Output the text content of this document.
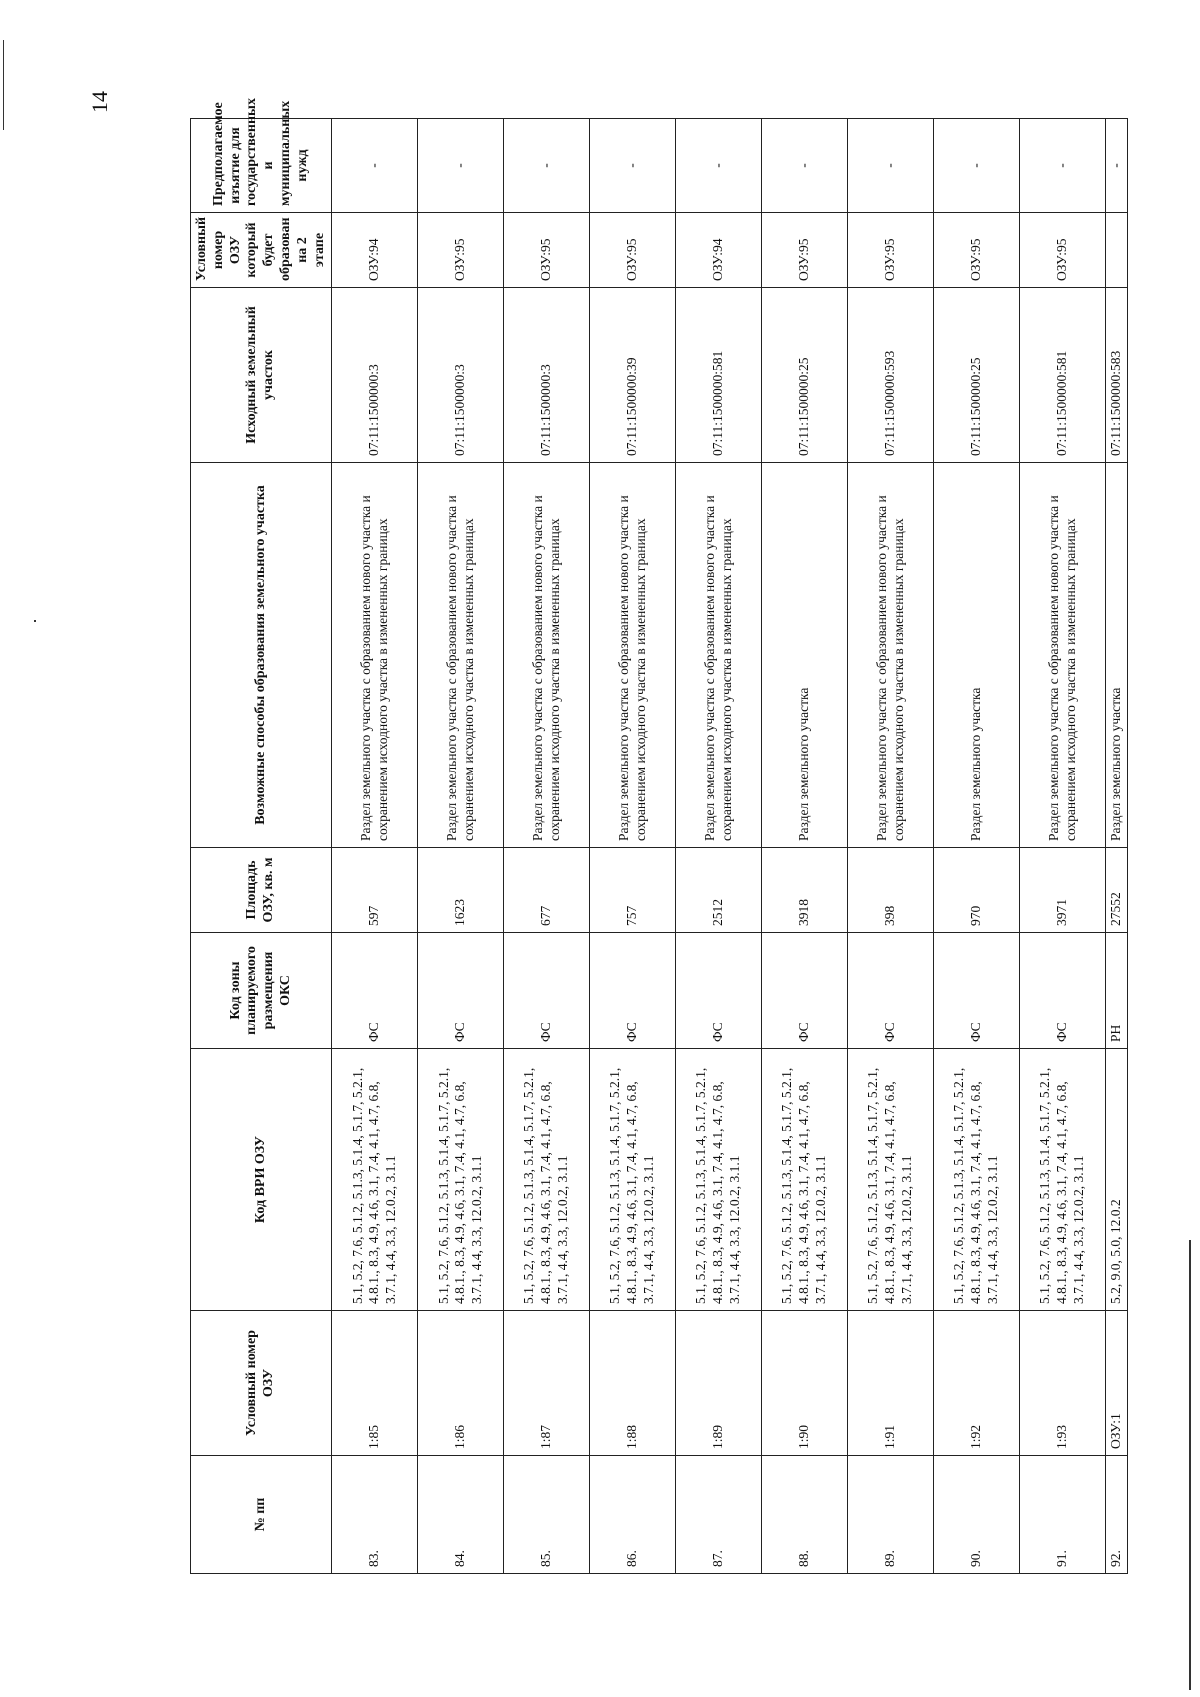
14
№ пп	Условный номер ОЗУ	Код ВРИ ОЗУ	Код зоны планируемого размещения ОКС	Площадь ОЗУ, кв. м	Возможные способы образования земельного участка	Исходный земельный участок	Условный номер ОЗУ который будет образован на 2 этапе	Предполагаемое изъятие для государственных и муниципальных нужд
83.	1:85	5.1, 5.2, 7.6, 5.1.2, 5.1.3, 5.1.4, 5.1.7, 5.2.1, 4.8.1., 8.3, 4.9, 4.6, 3.1, 7.4, 4.1, 4.7, 6.8, 3.7.1, 4.4, 3.3, 12.0.2, 3.1.1	ФС	597	Раздел земельного участка с образованием нового участка и сохранением исходного участка в измененных границах	07:11:1500000:3	ОЗУ:94	-
84.	1:86	5.1, 5.2, 7.6, 5.1.2, 5.1.3, 5.1.4, 5.1.7, 5.2.1, 4.8.1., 8.3, 4.9, 4.6, 3.1, 7.4, 4.1, 4.7, 6.8, 3.7.1, 4.4, 3.3, 12.0.2, 3.1.1	ФС	1623	Раздел земельного участка с образованием нового участка и сохранением исходного участка в измененных границах	07:11:1500000:3	ОЗУ:95	-
85.	1:87	5.1, 5.2, 7.6, 5.1.2, 5.1.3, 5.1.4, 5.1.7, 5.2.1, 4.8.1., 8.3, 4.9, 4.6, 3.1, 7.4, 4.1, 4.7, 6.8, 3.7.1, 4.4, 3.3, 12.0.2, 3.1.1	ФС	677	Раздел земельного участка с образованием нового участка и сохранением исходного участка в измененных границах	07:11:1500000:3	ОЗУ:95	-
86.	1:88	5.1, 5.2, 7.6, 5.1.2, 5.1.3, 5.1.4, 5.1.7, 5.2.1, 4.8.1., 8.3, 4.9, 4.6, 3.1, 7.4, 4.1, 4.7, 6.8, 3.7.1, 4.4, 3.3, 12.0.2, 3.1.1	ФС	757	Раздел земельного участка с образованием нового участка и сохранением исходного участка в измененных границах	07:11:1500000:39	ОЗУ:95	-
87.	1:89	5.1, 5.2, 7.6, 5.1.2, 5.1.3, 5.1.4, 5.1.7, 5.2.1, 4.8.1., 8.3, 4.9, 4.6, 3.1, 7.4, 4.1, 4.7, 6.8, 3.7.1, 4.4, 3.3, 12.0.2, 3.1.1	ФС	2512	Раздел земельного участка с образованием нового участка и сохранением исходного участка в измененных границах	07:11:1500000:581	ОЗУ:94	-
88.	1:90	5.1, 5.2, 7.6, 5.1.2, 5.1.3, 5.1.4, 5.1.7, 5.2.1, 4.8.1., 8.3, 4.9, 4.6, 3.1, 7.4, 4.1, 4.7, 6.8, 3.7.1, 4.4, 3.3, 12.0.2, 3.1.1	ФС	3918	Раздел земельного участка	07:11:1500000:25	ОЗУ:95	-
89.	1:91	5.1, 5.2, 7.6, 5.1.2, 5.1.3, 5.1.4, 5.1.7, 5.2.1, 4.8.1., 8.3, 4.9, 4.6, 3.1, 7.4, 4.1, 4.7, 6.8, 3.7.1, 4.4, 3.3, 12.0.2, 3.1.1	ФС	398	Раздел земельного участка с образованием нового участка и сохранением исходного участка в измененных границах	07:11:1500000:593	ОЗУ:95	-
90.	1:92	5.1, 5.2, 7.6, 5.1.2, 5.1.3, 5.1.4, 5.1.7, 5.2.1, 4.8.1., 8.3, 4.9, 4.6, 3.1, 7.4, 4.1, 4.7, 6.8, 3.7.1, 4.4, 3.3, 12.0.2, 3.1.1	ФС	970	Раздел земельного участка	07:11:1500000:25	ОЗУ:95	-
91.	1:93	5.1, 5.2, 7.6, 5.1.2, 5.1.3, 5.1.4, 5.1.7, 5.2.1, 4.8.1., 8.3, 4.9, 4.6, 3.1, 7.4, 4.1, 4.7, 6.8, 3.7.1, 4.4, 3.3, 12.0.2, 3.1.1	ФС	3971	Раздел земельного участка с образованием нового участка и сохранением исходного участка в измененных границах	07:11:1500000:581	ОЗУ:95	-
92.	ОЗУ:1	5.2, 9.0, 5.0, 12.0.2	РН	27552	Раздел земельного участка	07:11:1500000:583		-
